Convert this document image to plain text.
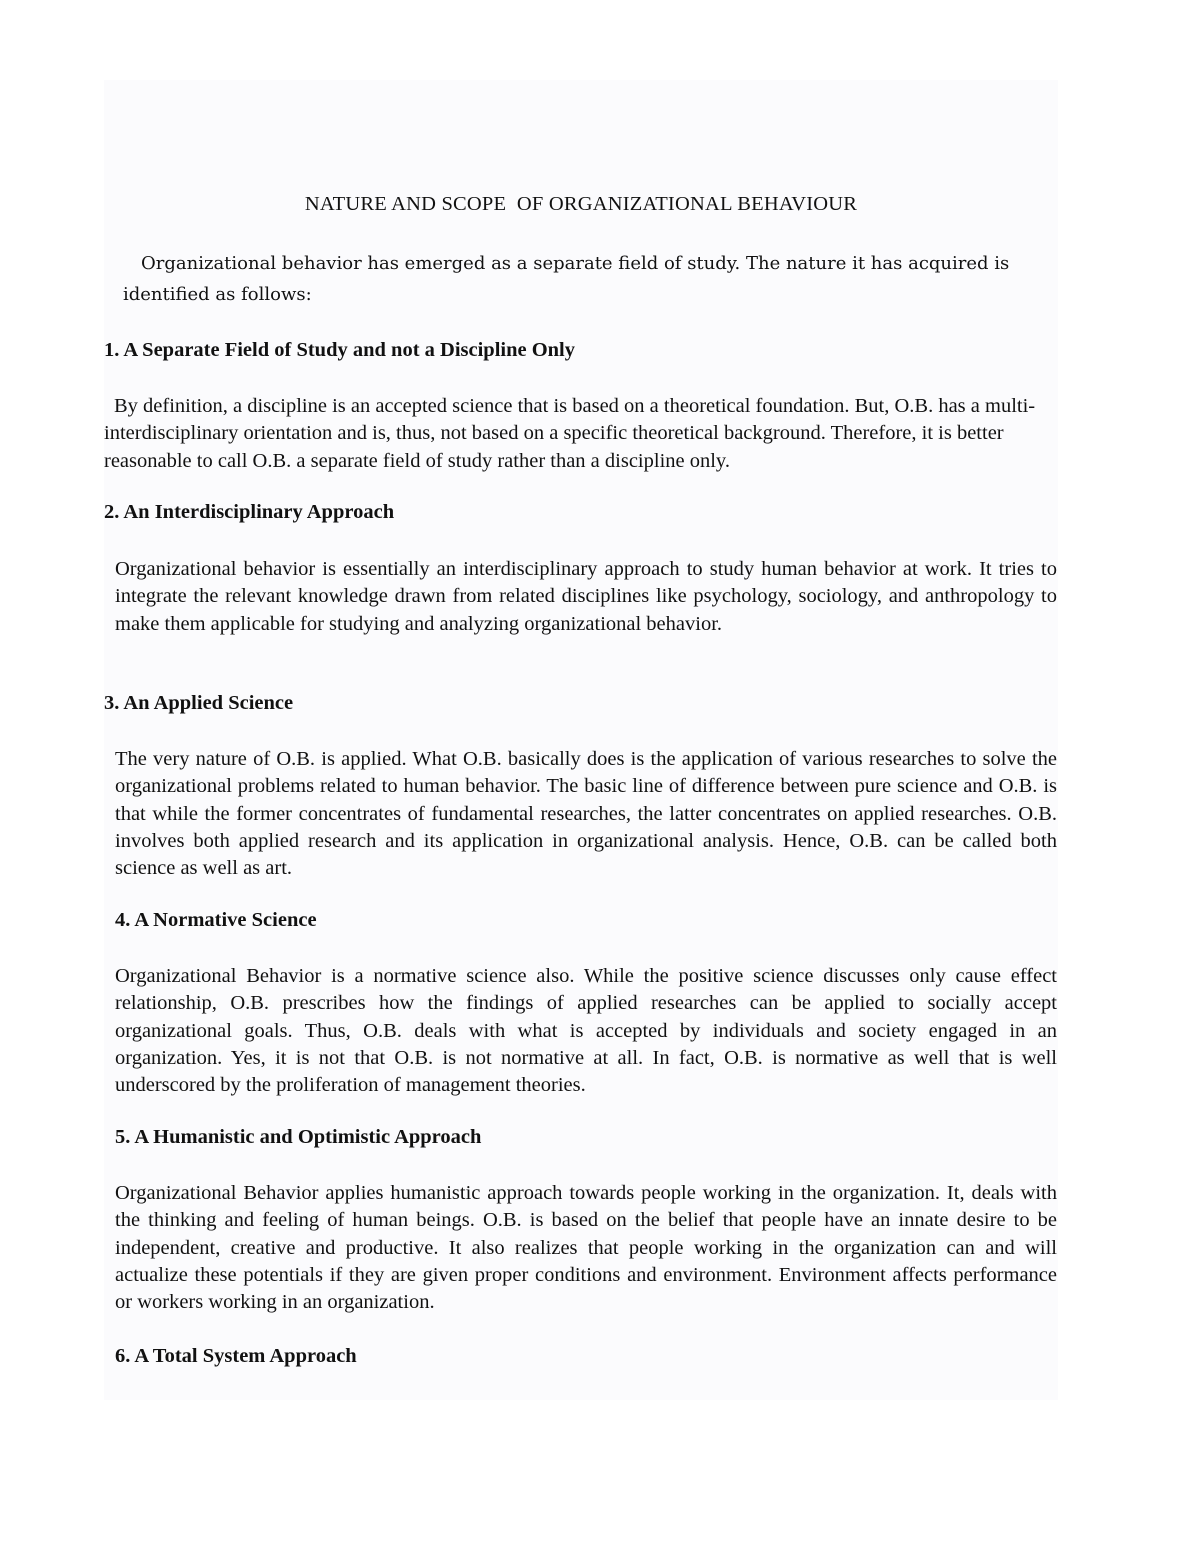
NATURE AND SCOPE  OF ORGANIZATIONAL BEHAVIOUR
Organizational behavior has emerged as a separate field of study. The nature it has acquired is identified as follows:
1. A Separate Field of Study and not a Discipline Only
By definition, a discipline is an accepted science that is based on a theoretical foundation. But, O.B. has a multi-interdisciplinary orientation and is, thus, not based on a specific theoretical background. Therefore, it is better reasonable to call O.B. a separate field of study rather than a discipline only.
2. An Interdisciplinary Approach
Organizational behavior is essentially an interdisciplinary approach to study human behavior at work. It tries to integrate the relevant knowledge drawn from related disciplines like psychology, sociology, and anthropology to make them applicable for studying and analyzing organizational behavior.
3. An Applied Science
The very nature of O.B. is applied. What O.B. basically does is the application of various researches to solve the organizational problems related to human behavior. The basic line of difference between pure science and O.B. is that while the former concentrates of fundamental researches, the latter concentrates on applied researches. O.B. involves both applied research and its application in organizational analysis. Hence, O.B. can be called both science as well as art.
4. A Normative Science
Organizational Behavior is a normative science also. While the positive science discusses only cause effect relationship, O.B. prescribes how the findings of applied researches can be applied to socially accept organizational goals. Thus, O.B. deals with what is accepted by individuals and society engaged in an organization. Yes, it is not that O.B. is not normative at all. In fact, O.B. is normative as well that is well underscored by the proliferation of management theories.
5. A Humanistic and Optimistic Approach
Organizational Behavior applies humanistic approach towards people working in the organization. It, deals with the thinking and feeling of human beings. O.B. is based on the belief that people have an innate desire to be independent, creative and productive. It also realizes that people working in the organization can and will actualize these potentials if they are given proper conditions and environment. Environment affects performance or workers working in an organization.
6. A Total System Approach
